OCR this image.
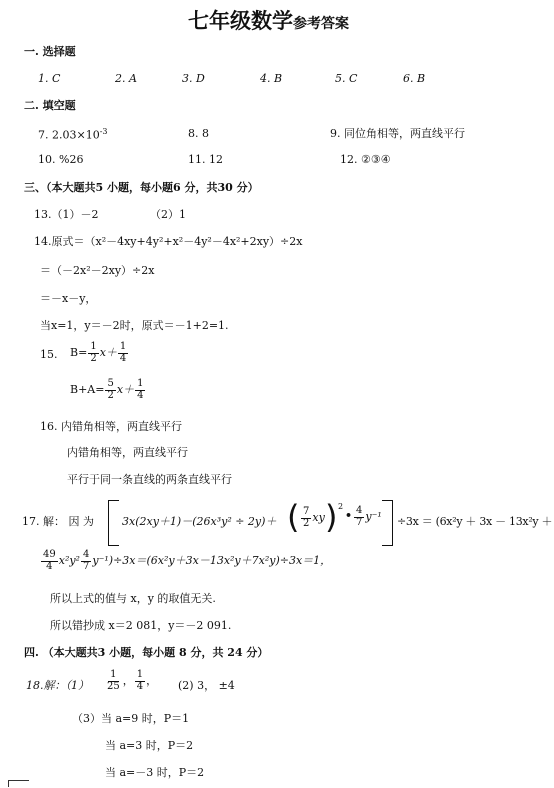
七年级数学参考答案
一. 选择题
1. C	2. A	3. D	4. B	5. C	6. B
二. 填空题
7. $2.03\times 10^{-3}$	8. 8	9. 同位角相等，两直线平行
10. %26	11. 12	12. ②③④
三、（本大题共5 小题，每小题6 分，共30 分）
13.（1）－2	（2）1
14.原式＝（x²－4xy+4y²+x²－4y²－4x²+2xy）÷2x
＝（－2x²－2xy）÷2x
＝－x－y，
当x=1，y＝－2时，原式＝－1+2=1.
15. $B= \frac{1}{2} x+ \frac{1}{4}$
$B+A= \frac{5}{2} x+ \frac{1}{4}$
16. 内错角相等，两直线平行
内错角相等，两直线平行
平行于同一条直线的两条直线平行
17. 解： 因 为	3x(2xy＋1)－(26x³y² ÷ 2y)＋ ( $\frac{7}{2}$ xy ) 2
• $\frac{4}{7} y^{-1} \div 3x = (6x^2y + 3x - 13x^2y$ ＋
$\frac{49}{4} x^2y^2 \frac{4}{7} y^{-1})\div 3x=(6x^2y+3x-13x^2y+7x^2y)\div 3x=1$，
所以上式的值与 x，y 的取值无关.
所以错抄成 x＝2 081，y＝－2 091.
四. （本大题共3 小题，每小题 8 分，共 24 分）
18.解：$(1) \frac{1}{25}$ ， $\frac{1}{4}$ ， (2) 3， ±4
（3）当 a=9 时，P＝1
当 a=3 时，P＝2
当 a=－3 时，P＝2
